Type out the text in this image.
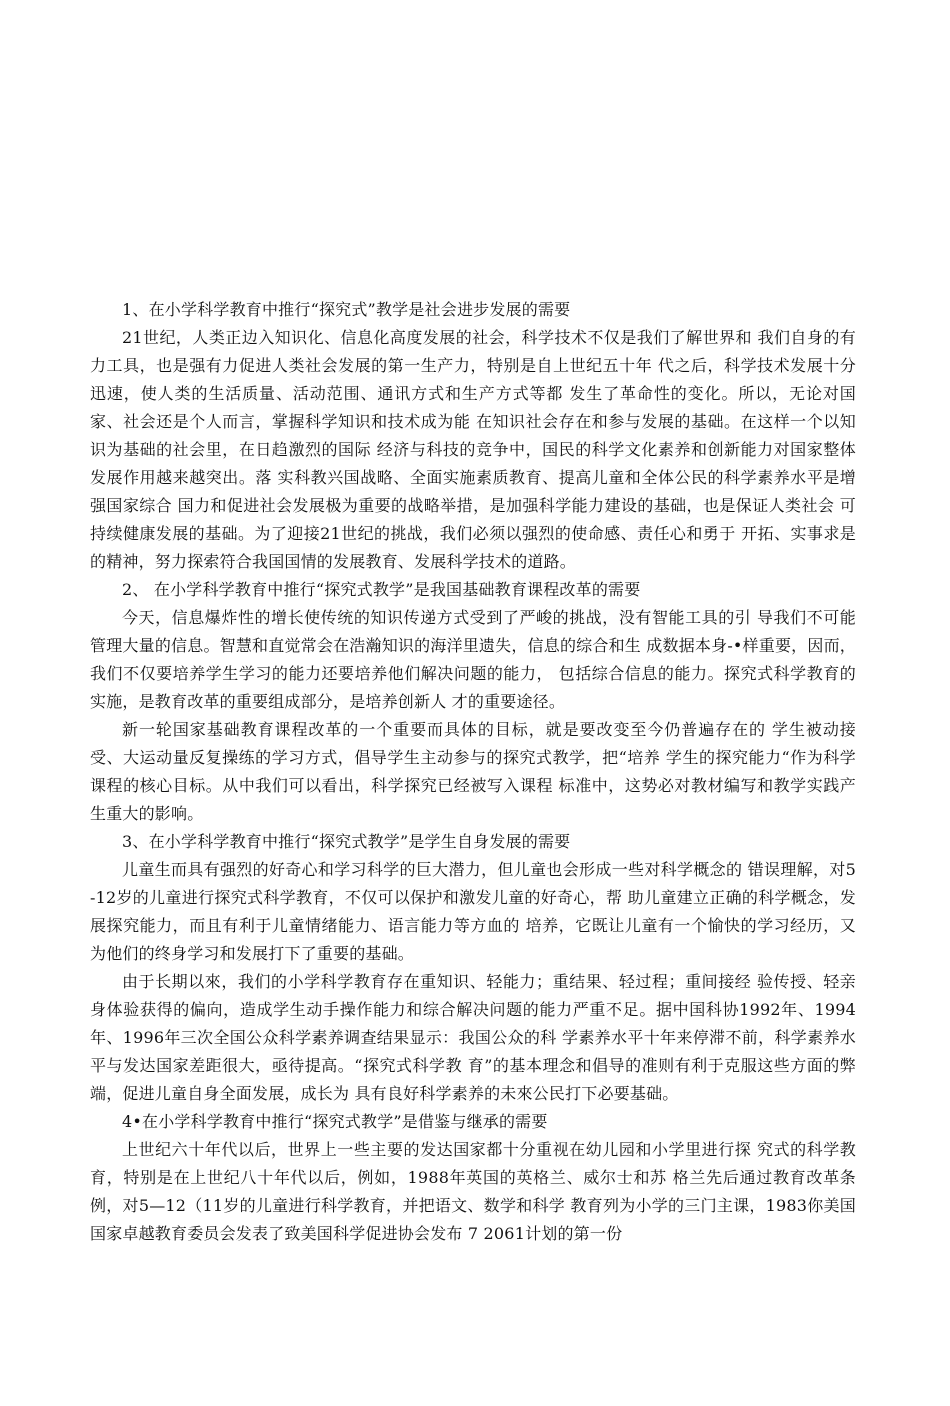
1、在小学科学教育中推行“探究式”教学是社会进步发展的需要

21世纪，人类正边入知识化、信息化高度发展的社会，科学技术不仅是我们了解世界和 我们自身的有力工具，也是强有力促进人类社会发展的第一生产力，特别是自上世纪五十年 代之后，科学技术发展十分迅速，使人类的生活质量、活动范围、通讯方式和生产方式等都 发生了革命性的变化。所以，无论对国家、社会还是个人而言，掌握科学知识和技术成为能 在知识社会存在和参与发展的基础。在这样一个以知识为基础的社会里，在日趋激烈的国际 经济与科技的竞争中，国民的科学文化素养和创新能力对国家整体发展作用越来越突出。落 实科教兴国战略、全面实施素质教育、提高儿童和全体公民的科学素养水平是增强国家综合 国力和促进社会发展极为重要的战略举措，是加强科学能力建设的基础，也是保证人类社会 可持续健康发展的基础。为了迎接21世纪的挑战，我们必须以强烈的使命感、责任心和勇于 开拓、实事求是的精神，努力探索符合我国国情的发展教育、发展科学技术的道路。

2、 在小学科学教育中推行“探究式教学”是我国基础教育课程改革的需要

今天，信息爆炸性的增长使传统的知识传递方式受到了严峻的挑战，没有智能工具的引 导我们不可能管理大量的信息。智慧和直觉常会在浩瀚知识的海洋里遗失，信息的综合和生 成数据本身-•样重要，因而，我们不仅要培养学生学习的能力还要培养他们解决问题的能力， 包括综合信息的能力。探究式科学教育的实施，是教育改革的重要组成部分，是培养创新人 才的重要途径。

新一轮国家基础教育课程改革的一个重要而具体的目标，就是要改变至今仍普遍存在的 学生被动接受、大运动量反复操练的学习方式，倡导学生主动参与的探究式教学，把“培养 学生的探究能力“作为科学课程的核心目标。从中我们可以看出，科学探究已经被写入课程 标准中，这势必对教材编写和教学实践产生重大的影响。

3、在小学科学教育中推行“探究式教学”是学生自身发展的需要

儿童生而具有强烈的好奇心和学习科学的巨大潜力，但儿童也会形成一些对科学概念的 错误理解，对5-12岁的儿童进行探究式科学教育，不仅可以保护和激发儿童的好奇心，帮 助儿童建立正确的科学概念，发展探究能力，而且有利于儿童情绪能力、语言能力等方血的 培养，它既让儿童有一个愉快的学习经历，又为他们的终身学习和发展打下了重要的基础。

由于长期以來，我们的小学科学教育存在重知识、轻能力；重结果、轻过程；重间接经 验传授、轻亲身体验获得的偏向，造成学生动手操作能力和综合解决问题的能力严重不足。据中国科协1992年、1994年、1996年三次全国公众科学素养调查结果显示：我国公众的科 学素养水平十年来停滞不前，科学素养水平与发达国家差距很大，亟待提高。“探究式科学教 育”的基本理念和倡导的准则有利于克服这些方面的弊端，促进儿童自身全面发展，成长为 具有良好科学素养的未來公民打下必要基础。

4•在小学科学教育中推行“探究式教学”是借鉴与继承的需要

上世纪六十年代以后，世界上一些主要的发达国家都十分重视在幼儿园和小学里进行探 究式的科学教育，特别是在上世纪八十年代以后，例如，1988年英国的英格兰、威尔士和苏 格兰先后通过教育改革条例，对5—12（11岁的儿童进行科学教育，并把语文、数学和科学 教育列为小学的三门主课，1983你美国国家卓越教育委员会发表了致美国科学促进协会发布 7 2061计划的第一份
